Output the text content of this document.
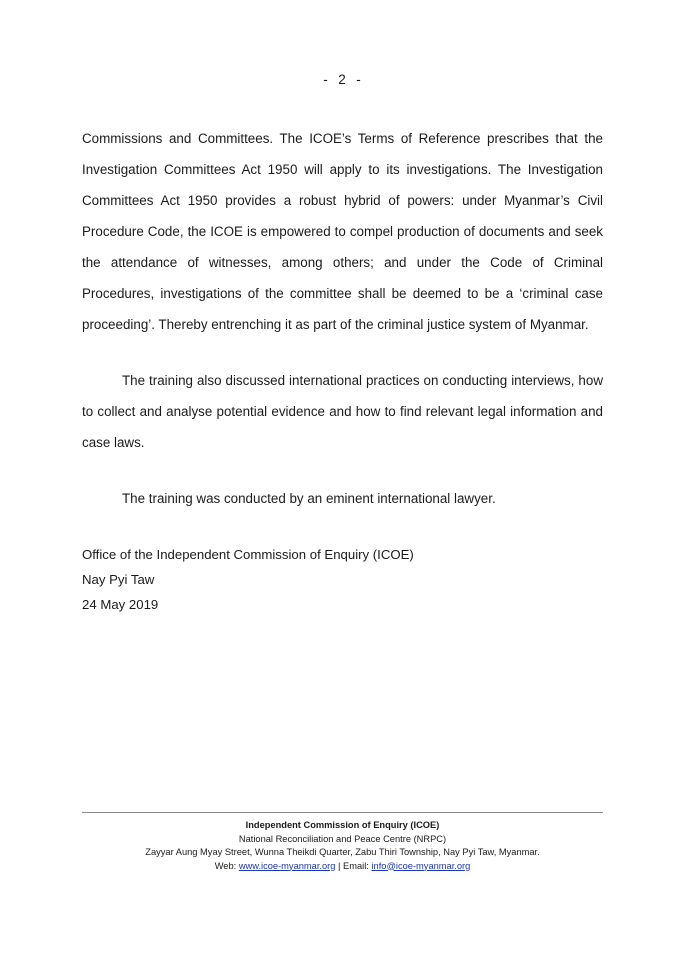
-  2  -

Commissions and Committees. The ICOE’s Terms of Reference prescribes that the Investigation Committees Act 1950 will apply to its investigations. The Investigation Committees Act 1950 provides a robust hybrid of powers: under Myanmar’s Civil Procedure Code, the ICOE is empowered to compel production of documents and seek the attendance of witnesses, among others; and under the Code of Criminal Procedures, investigations of the committee shall be deemed to be a ‘criminal case proceeding’. Thereby entrenching it as part of the criminal justice system of Myanmar.

The training also discussed international practices on conducting interviews, how to collect and analyse potential evidence and how to find relevant legal information and case laws.

The training was conducted by an eminent international lawyer.

Office of the Independent Commission of Enquiry (ICOE)
Nay Pyi Taw
24 May 2019
Independent Commission of Enquiry (ICOE)
National Reconciliation and Peace Centre (NRPC)
Zayyar Aung Myay Street, Wunna Theikdi Quarter, Zabu Thiri Township, Nay Pyi Taw, Myanmar.
Web: www.icoe-myanmar.org | Email: info@icoe-myanmar.org
